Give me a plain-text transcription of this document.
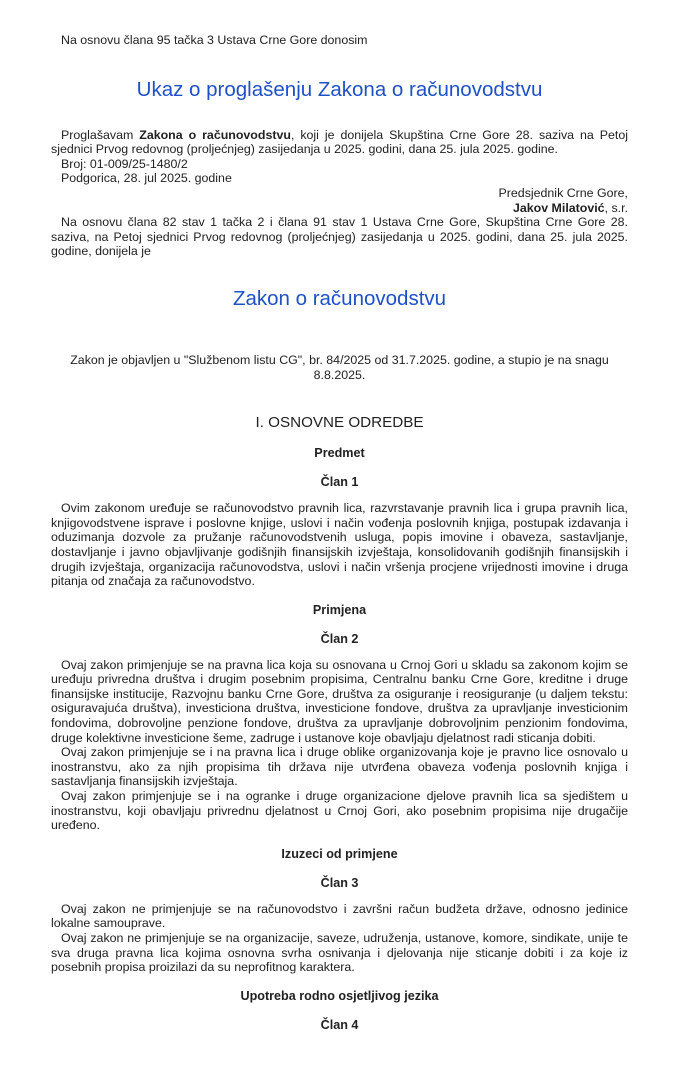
Na osnovu člana 95 tačka 3 Ustava Crne Gore donosim

Ukaz o proglašenju Zakona o računovodstvu

Proglašavam Zakona o računovodstvu, koji je donijela Skupština Crne Gore 28. saziva na Petoj sjednici Prvog redovnog (proljećnjeg) zasijedanja u 2025. godini, dana 25. jula 2025. godine.

Broj: 01-009/25-1480/2

Podgorica, 28. jul 2025. godine

Predsjednik Crne Gore,

Jakov Milatović, s.r.

Na osnovu člana 82 stav 1 tačka 2 i člana 91 stav 1 Ustava Crne Gore, Skupština Crne Gore 28. saziva, na Petoj sjednici Prvog redovnog (proljećnjeg) zasijedanja u 2025. godini, dana 25. jula 2025. godine, donijela je

Zakon o računovodstvu

Zakon je objavljen u "Službenom listu CG", br. 84/2025 od 31.7.2025. godine, a stupio je na snagu 8.8.2025.

I. OSNOVNE ODREDBE
Predmet
Član 1

Ovim zakonom uređuje se računovodstvo pravnih lica, razvrstavanje pravnih lica i grupa pravnih lica, knjigovodstvene isprave i poslovne knjige, uslovi i način vođenja poslovnih knjiga, postupak izdavanja i oduzimanja dozvole za pružanje računovodstvenih usluga, popis imovine i obaveza, sastavljanje, dostavljanje i javno objavljivanje godišnjih finansijskih izvještaja, konsolidovanih godišnjih finansijskih i drugih izvještaja, organizacija računovodstva, uslovi i način vršenja procjene vrijednosti imovine i druga pitanja od značaja za računovodstvo.

Primjena
Član 2

Ovaj zakon primjenjuje se na pravna lica koja su osnovana u Crnoj Gori u skladu sa zakonom kojim se uređuju privredna društva i drugim posebnim propisima, Centralnu banku Crne Gore, kreditne i druge finansijske institucije, Razvojnu banku Crne Gore, društva za osiguranje i reosiguranje (u daljem tekstu: osiguravajuća društva), investiciona društva, investicione fondove, društva za upravljanje investicionim fondovima, dobrovoljne penzione fondove, društva za upravljanje dobrovoljnim penzionim fondovima, druge kolektivne investicione šeme, zadruge i ustanove koje obavljaju djelatnost radi sticanja dobiti.

Ovaj zakon primjenjuje se i na pravna lica i druge oblike organizovanja koje je pravno lice osnovalo u inostranstvu, ako za njih propisima tih država nije utvrđena obaveza vođenja poslovnih knjiga i sastavljanja finansijskih izvještaja.

Ovaj zakon primjenjuje se i na ogranke i druge organizacione djelove pravnih lica sa sjedištem u inostranstvu, koji obavljaju privrednu djelatnost u Crnoj Gori, ako posebnim propisima nije drugačije uređeno.

Izuzeci od primjene
Član 3

Ovaj zakon ne primjenjuje se na računovodstvo i završni račun budžeta države, odnosno jedinice lokalne samouprave.

Ovaj zakon ne primjenjuje se na organizacije, saveze, udruženja, ustanove, komore, sindikate, unije te sva druga pravna lica kojima osnovna svrha osnivanja i djelovanja nije sticanje dobiti i za koje iz posebnih propisa proizilazi da su neprofitnog karaktera.

Upotreba rodno osjetljivog jezika
Član 4
